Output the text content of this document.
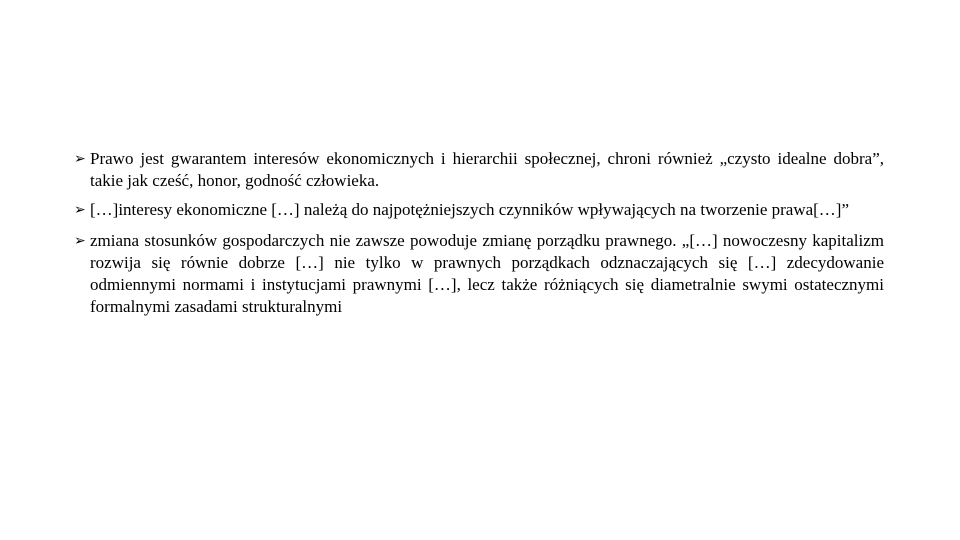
➢ Prawo jest gwarantem interesów ekonomicznych i hierarchii społecznej, chroni również „czysto idealne dobra”, takie jak cześć, honor, godność człowieka.
➢ […]interesy ekonomiczne […] należą do najpotężniejszych czynników wpływających na tworzenie prawa[…]”
➢ zmiana stosunków gospodarczych nie zawsze powoduje zmianę porządku prawnego. „[…] nowoczesny kapitalizm rozwija się równie dobrze […] nie tylko w prawnych porządkach odznaczających się […] zdecydowanie odmiennymi normami i instytucjami prawnymi […], lecz także różniących się diametralnie swymi ostatecznymi formalnymi zasadami strukturalnymi
